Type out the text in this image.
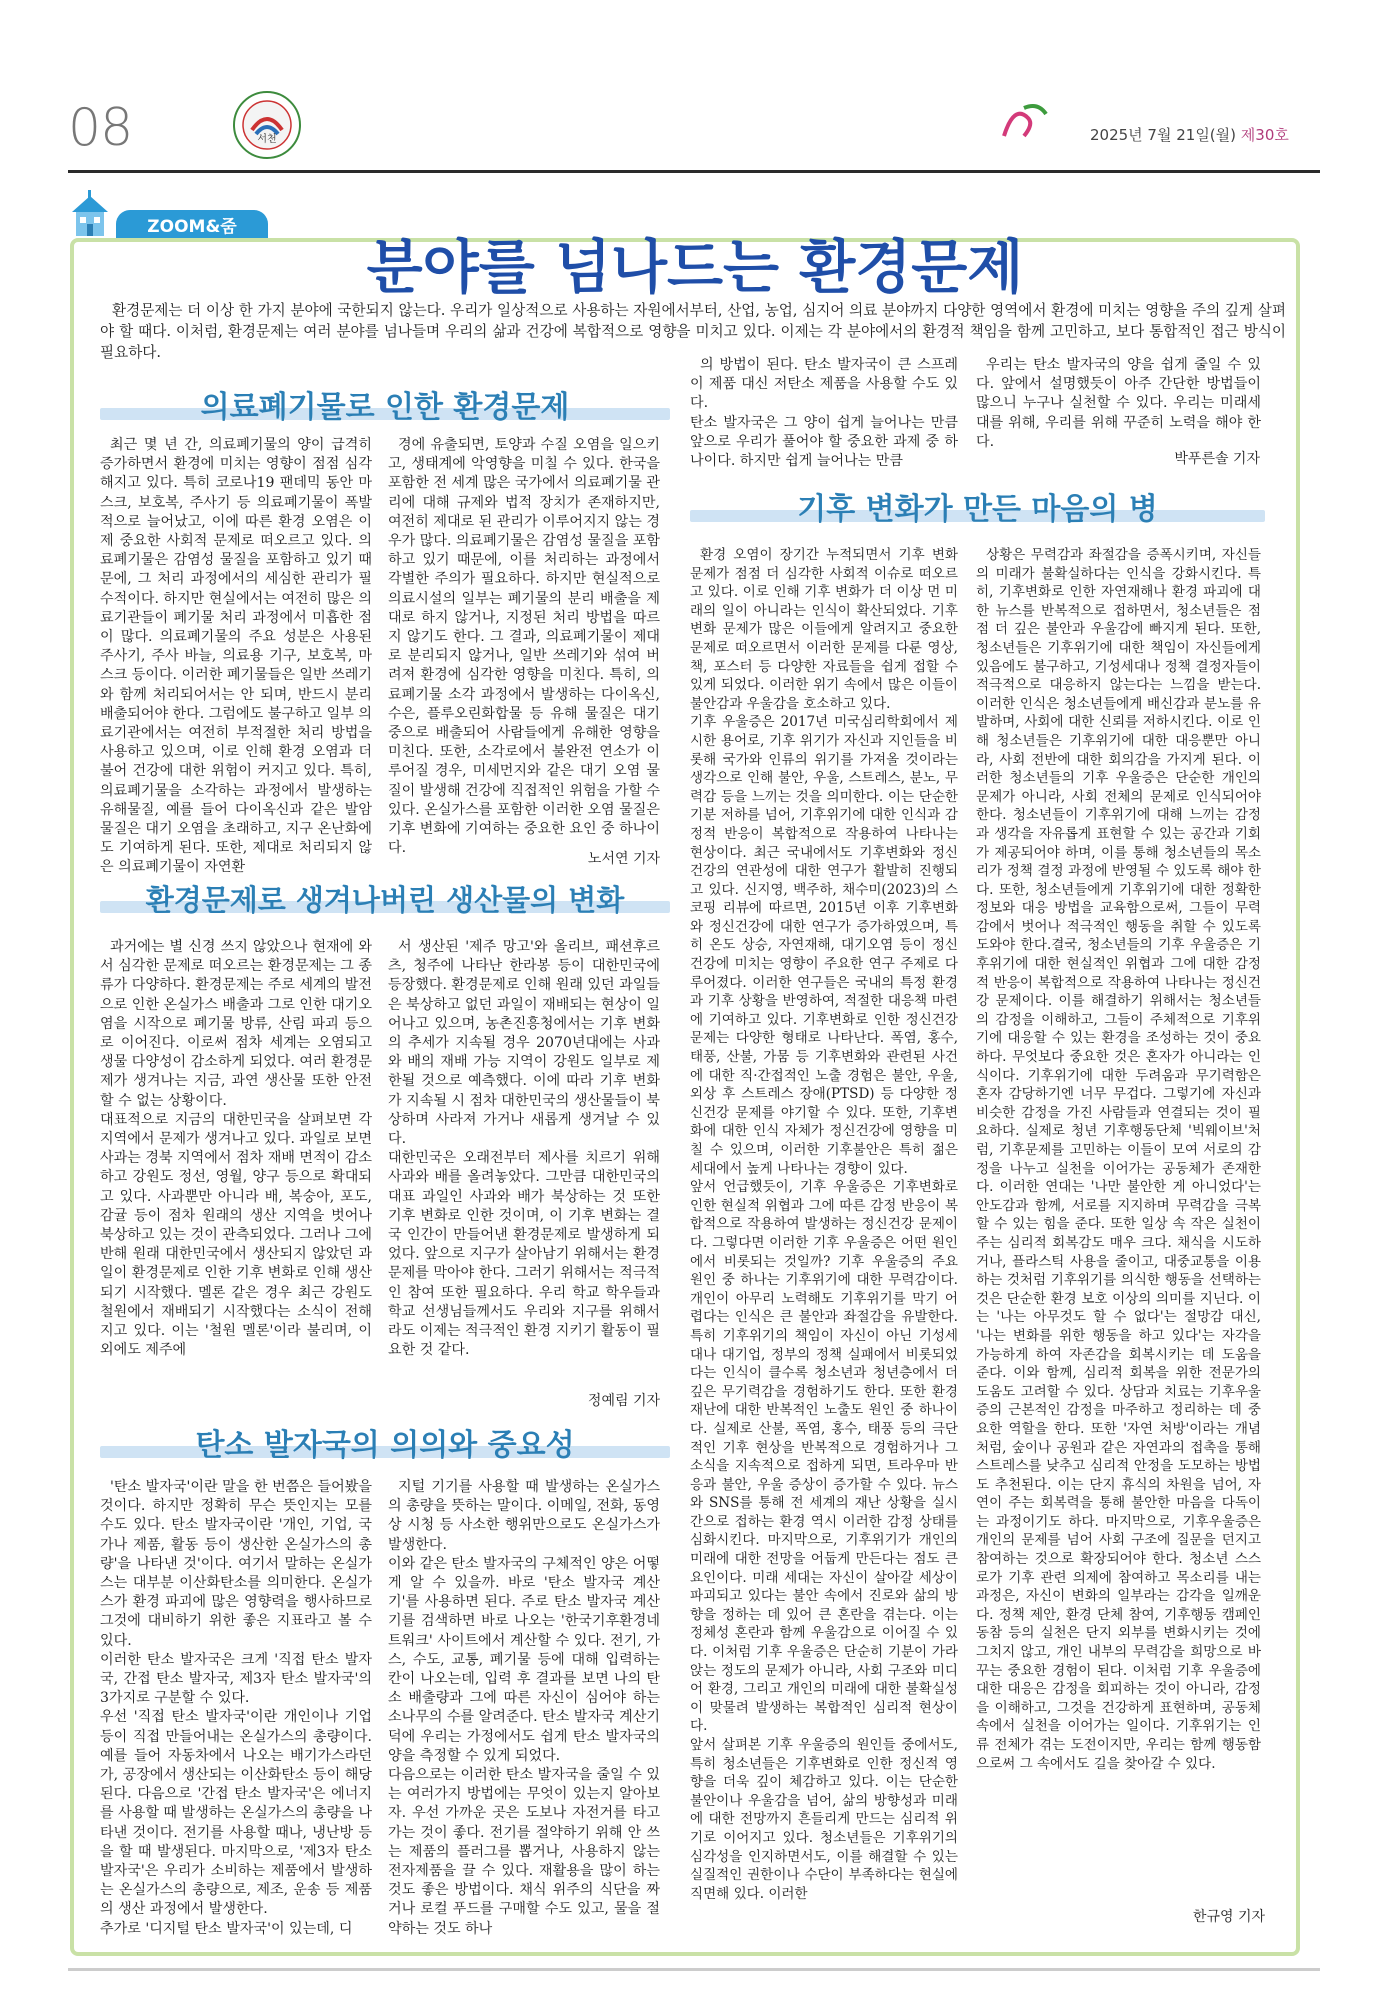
08	서천	2025년 7월 21일(월) 제30호
ZOOM&줌
분야를 넘나드는 환경문제
환경문제는 더 이상 한 가지 분야에 국한되지 않는다. 우리가 일상적으로 사용하는 자원에서부터, 산업, 농업, 심지어 의료 분야까지 다양한 영역에서 환경에 미치는 영향을 주의 깊게 살펴야 할 때다. 이처럼, 환경문제는 여러 분야를 넘나들며 우리의 삶과 건강에 복합적으로 영향을 미치고 있다. 이제는 각 분야에서의 환경적 책임을 함께 고민하고, 보다 통합적인 접근 방식이 필요하다.
의료폐기물로 인한 환경문제

최근 몇 년 간, 의료폐기물의 양이 급격히 증가하면서 환경에 미치는 영향이 점점 심각해지고 있다. 특히 코로나19 팬데믹 동안 마스크, 보호복, 주사기 등 의료폐기물이 폭발적으로 늘어났고, 이에 따른 환경 오염은 이제 중요한 사회적 문제로 떠오르고 있다. 의료폐기물은 감염성 물질을 포함하고 있기 때문에, 그 처리 과정에서의 세심한 관리가 필수적이다. 하지만 현실에서는 여전히 많은 의료기관들이 폐기물 처리 과정에서 미흡한 점이 많다. 의료폐기물의 주요 성분은 사용된 주사기, 주사 바늘, 의료용 기구, 보호복, 마스크 등이다. 이러한 폐기물들은 일반 쓰레기와 함께 처리되어서는 안 되며, 반드시 분리 배출되어야 한다. 그럼에도 불구하고 일부 의료기관에서는 여전히 부적절한 처리 방법을 사용하고 있으며, 이로 인해 환경 오염과 더불어 건강에 대한 위험이 커지고 있다. 특히, 의료폐기물을 소각하는 과정에서 발생하는 유해물질, 예를 들어 다이옥신과 같은 발암 물질은 대기 오염을 초래하고, 지구 온난화에도 기여하게 된다. 또한, 제대로 처리되지 않은 의료폐기물이 자연환

경에 유출되면, 토양과 수질 오염을 일으키고, 생태계에 악영향을 미칠 수 있다. 한국을 포함한 전 세계 많은 국가에서 의료폐기물 관리에 대해 규제와 법적 장치가 존재하지만, 여전히 제대로 된 관리가 이루어지지 않는 경우가 많다. 의료폐기물은 감염성 물질을 포함하고 있기 때문에, 이를 처리하는 과정에서 각별한 주의가 필요하다. 하지만 현실적으로 의료시설의 일부는 폐기물의 분리 배출을 제대로 하지 않거나, 지정된 처리 방법을 따르지 않기도 한다. 그 결과, 의료폐기물이 제대로 분리되지 않거나, 일반 쓰레기와 섞여 버려져 환경에 심각한 영향을 미친다. 특히, 의료폐기물 소각 과정에서 발생하는 다이옥신, 수은, 플루오린화합물 등 유해 물질은 대기 중으로 배출되어 사람들에게 유해한 영향을 미친다. 또한, 소각로에서 불완전 연소가 이루어질 경우, 미세먼지와 같은 대기 오염 물질이 발생해 건강에 직접적인 위험을 가할 수 있다. 온실가스를 포함한 이러한 오염 물질은 기후 변화에 기여하는 중요한 요인 중 하나이다.

노서연 기자
환경문제로 생겨나버린 생산물의 변화

과거에는 별 신경 쓰지 않았으나 현재에 와서 심각한 문제로 떠오르는 환경문제는 그 종류가 다양하다. 환경문제는 주로 세계의 발전으로 인한 온실가스 배출과 그로 인한 대기오염을 시작으로 폐기물 방류, 산림 파괴 등으로 이어진다. 이로써 점차 세계는 오염되고 생물 다양성이 감소하게 되었다. 여러 환경문제가 생겨나는 지금, 과연 생산물 또한 안전할 수 없는 상황이다.
대표적으로 지금의 대한민국을 살펴보면 각 지역에서 문제가 생겨나고 있다. 과일로 보면 사과는 경북 지역에서 점차 재배 면적이 감소하고 강원도 정선, 영월, 양구 등으로 확대되고 있다. 사과뿐만 아니라 배, 복숭아, 포도, 감귤 등이 점차 원래의 생산 지역을 벗어나 북상하고 있는 것이 관측되었다. 그러나 그에 반해 원래 대한민국에서 생산되지 않았던 과일이 환경문제로 인한 기후 변화로 인해 생산되기 시작했다. 멜론 같은 경우 최근 강원도 철원에서 재배되기 시작했다는 소식이 전해지고 있다. 이는 '철원 멜론'이라 불리며, 이 외에도 제주에

서 생산된 '제주 망고'와 올리브, 패션후르츠, 청주에 나타난 한라봉 등이 대한민국에 등장했다. 환경문제로 인해 원래 있던 과일들은 북상하고 없던 과일이 재배되는 현상이 일어나고 있으며, 농촌진흥청에서는 기후 변화의 추세가 지속될 경우 2070년대에는 사과와 배의 재배 가능 지역이 강원도 일부로 제한될 것으로 예측했다. 이에 따라 기후 변화가 지속될 시 점차 대한민국의 생산물들이 북상하며 사라져 가거나 새롭게 생겨날 수 있다.
대한민국은 오래전부터 제사를 치르기 위해 사과와 배를 올려놓았다. 그만큼 대한민국의 대표 과일인 사과와 배가 북상하는 것 또한 기후 변화로 인한 것이며, 이 기후 변화는 결국 인간이 만들어낸 환경문제로 발생하게 되었다. 앞으로 지구가 살아남기 위해서는 환경문제를 막아야 한다. 그러기 위해서는 적극적인 참여 또한 필요하다. 우리 학교 학우들과 학교 선생님들께서도 우리와 지구를 위해서라도 이제는 적극적인 환경 지키기 활동이 필요한 것 같다.

정예림 기자
탄소 발자국의 의의와 중요성

'탄소 발자국'이란 말을 한 번쯤은 들어봤을 것이다. 하지만 정확히 무슨 뜻인지는 모를 수도 있다. 탄소 발자국이란 '개인, 기업, 국가나 제품, 활동 등이 생산한 온실가스의 총량'을 나타낸 것'이다. 여기서 말하는 온실가스는 대부분 이산화탄소를 의미한다. 온실가스가 환경 파괴에 많은 영향력을 행사하므로 그것에 대비하기 위한 좋은 지표라고 볼 수 있다.
이러한 탄소 발자국은 크게 '직접 탄소 발자국, 간접 탄소 발자국, 제3자 탄소 발자국'의 3가지로 구분할 수 있다.
우선 '직접 탄소 발자국'이란 개인이나 기업 등이 직접 만들어내는 온실가스의 총량이다. 예를 들어 자동차에서 나오는 배기가스라던가, 공장에서 생산되는 이산화탄소 등이 해당된다. 다음으로 '간접 탄소 발자국'은 에너지를 사용할 때 발생하는 온실가스의 총량을 나타낸 것이다. 전기를 사용할 때나, 냉난방 등을 할 때 발생된다. 마지막으로, '제3자 탄소 발자국'은 우리가 소비하는 제품에서 발생하는 온실가스의 총량으로, 제조, 운송 등 제품의 생산 과정에서 발생한다.
추가로 '디지털 탄소 발자국'이 있는데, 디

지털 기기를 사용할 때 발생하는 온실가스의 총량을 뜻하는 말이다. 이메일, 전화, 동영상 시청 등 사소한 행위만으로도 온실가스가 발생한다.
이와 같은 탄소 발자국의 구체적인 양은 어떻게 알 수 있을까. 바로 '탄소 발자국 계산기'를 사용하면 된다. 주로 탄소 발자국 계산기를 검색하면 바로 나오는 '한국기후환경네트워크' 사이트에서 계산할 수 있다. 전기, 가스, 수도, 교통, 폐기물 등에 대해 입력하는 칸이 나오는데, 입력 후 결과를 보면 나의 탄소 배출량과 그에 따른 자신이 심어야 하는 소나무의 수를 알려준다. 탄소 발자국 계산기 덕에 우리는 가정에서도 쉽게 탄소 발자국의 양을 측정할 수 있게 되었다.
다음으로는 이러한 탄소 발자국을 줄일 수 있는 여러가지 방법에는 무엇이 있는지 알아보자. 우선 가까운 곳은 도보나 자전거를 타고 가는 것이 좋다. 전기를 절약하기 위해 안 쓰는 제품의 플러그를 뽑거나, 사용하지 않는 전자제품을 끌 수 있다. 재활용을 많이 하는 것도 좋은 방법이다. 채식 위주의 식단을 짜거나 로컬 푸드를 구매할 수도 있고, 물을 절약하는 것도 하나

의 방법이 된다. 탄소 발자국이 큰 스프레이 제품 대신 저탄소 제품을 사용할 수도 있다.
탄소 발자국은 그 양이 쉽게 늘어나는 만큼 앞으로 우리가 풀어야 할 중요한 과제 중 하나이다. 하지만 쉽게 늘어나는 만큼

우리는 탄소 발자국의 양을 쉽게 줄일 수 있다. 앞에서 설명했듯이 아주 간단한 방법들이 많으니 누구나 실천할 수 있다. 우리는 미래세대를 위해, 우리를 위해 꾸준히 노력을 해야 한다.

박푸른솔 기자
기후 변화가 만든 마음의 병

환경 오염이 장기간 누적되면서 기후 변화 문제가 점점 더 심각한 사회적 이슈로 떠오르고 있다. 이로 인해 기후 변화가 더 이상 먼 미래의 일이 아니라는 인식이 확산되었다. 기후 변화 문제가 많은 이들에게 알려지고 중요한 문제로 떠오르면서 이러한 문제를 다룬 영상, 책, 포스터 등 다양한 자료들을 쉽게 접할 수 있게 되었다. 이러한 위기 속에서 많은 이들이 불안감과 우울감을 호소하고 있다.
기후 우울증은 2017년 미국심리학회에서 제시한 용어로, 기후 위기가 자신과 지인들을 비롯해 국가와 인류의 위기를 가져올 것이라는 생각으로 인해 불안, 우울, 스트레스, 분노, 무력감 등을 느끼는 것을 의미한다. 이는 단순한 기분 저하를 넘어, 기후위기에 대한 인식과 감정적 반응이 복합적으로 작용하여 나타나는 현상이다. 최근 국내에서도 기후변화와 정신건강의 연관성에 대한 연구가 활발히 진행되고 있다. 신지영, 백주하, 채수미(2023)의 스코핑 리뷰에 따르면, 2015년 이후 기후변화와 정신건강에 대한 연구가 증가하였으며, 특히 온도 상승, 자연재해, 대기오염 등이 정신건강에 미치는 영향이 주요한 연구 주제로 다루어졌다. 이러한 연구들은 국내의 특정 환경과 기후 상황을 반영하여, 적절한 대응책 마련에 기여하고 있다. 기후변화로 인한 정신건강 문제는 다양한 형태로 나타난다. 폭염, 홍수, 태풍, 산불, 가뭄 등 기후변화와 관련된 사건에 대한 직·간접적인 노출 경험은 불안, 우울, 외상 후 스트레스 장애(PTSD) 등 다양한 정신건강 문제를 야기할 수 있다. 또한, 기후변화에 대한 인식 자체가 정신건강에 영향을 미칠 수 있으며, 이러한 기후불안은 특히 젊은 세대에서 높게 나타나는 경향이 있다.
앞서 언급했듯이, 기후 우울증은 기후변화로 인한 현실적 위협과 그에 따른 감정 반응이 복합적으로 작용하여 발생하는 정신건강 문제이다. 그렇다면 이러한 기후 우울증은 어떤 원인에서 비롯되는 것일까? 기후 우울증의 주요 원인 중 하나는 기후위기에 대한 무력감이다. 개인이 아무리 노력해도 기후위기를 막기 어렵다는 인식은 큰 불안과 좌절감을 유발한다. 특히 기후위기의 책임이 자신이 아닌 기성세대나 대기업, 정부의 정책 실패에서 비롯되었다는 인식이 클수록 청소년과 청년층에서 더 깊은 무기력감을 경험하기도 한다. 또한 환경 재난에 대한 반복적인 노출도 원인 중 하나이다. 실제로 산불, 폭염, 홍수, 태풍 등의 극단적인 기후 현상을 반복적으로 경험하거나 그 소식을 지속적으로 접하게 되면, 트라우마 반응과 불안, 우울 증상이 증가할 수 있다. 뉴스와 SNS를 통해 전 세계의 재난 상황을 실시간으로 접하는 환경 역시 이러한 감정 상태를 심화시킨다. 마지막으로, 기후위기가 개인의 미래에 대한 전망을 어둡게 만든다는 점도 큰 요인이다. 미래 세대는 자신이 살아갈 세상이 파괴되고 있다는 불안 속에서 진로와 삶의 방향을 정하는 데 있어 큰 혼란을 겪는다. 이는 정체성 혼란과 함께 우울감으로 이어질 수 있다. 이처럼 기후 우울증은 단순히 기분이 가라앉는 정도의 문제가 아니라, 사회 구조와 미디어 환경, 그리고 개인의 미래에 대한 불확실성이 맞물려 발생하는 복합적인 심리적 현상이다.
앞서 살펴본 기후 우울증의 원인들 중에서도, 특히 청소년들은 기후변화로 인한 정신적 영향을 더욱 깊이 체감하고 있다. 이는 단순한 불안이나 우울감을 넘어, 삶의 방향성과 미래에 대한 전망까지 흔들리게 만드는 심리적 위기로 이어지고 있다. 청소년들은 기후위기의 심각성을 인지하면서도, 이를 해결할 수 있는 실질적인 권한이나 수단이 부족하다는 현실에 직면해 있다. 이러한

상황은 무력감과 좌절감을 증폭시키며, 자신들의 미래가 불확실하다는 인식을 강화시킨다. 특히, 기후변화로 인한 자연재해나 환경 파괴에 대한 뉴스를 반복적으로 접하면서, 청소년들은 점점 더 깊은 불안과 우울감에 빠지게 된다. 또한, 청소년들은 기후위기에 대한 책임이 자신들에게 있음에도 불구하고, 기성세대나 정책 결정자들이 적극적으로 대응하지 않는다는 느낌을 받는다. 이러한 인식은 청소년들에게 배신감과 분노를 유발하며, 사회에 대한 신뢰를 저하시킨다. 이로 인해 청소년들은 기후위기에 대한 대응뿐만 아니라, 사회 전반에 대한 회의감을 가지게 된다. 이러한 청소년들의 기후 우울증은 단순한 개인의 문제가 아니라, 사회 전체의 문제로 인식되어야 한다. 청소년들이 기후위기에 대해 느끼는 감정과 생각을 자유롭게 표현할 수 있는 공간과 기회가 제공되어야 하며, 이를 통해 청소년들의 목소리가 정책 결정 과정에 반영될 수 있도록 해야 한다. 또한, 청소년들에게 기후위기에 대한 정확한 정보와 대응 방법을 교육함으로써, 그들이 무력감에서 벗어나 적극적인 행동을 취할 수 있도록 도와야 한다.결국, 청소년들의 기후 우울증은 기후위기에 대한 현실적인 위협과 그에 대한 감정적 반응이 복합적으로 작용하여 나타나는 정신건강 문제이다. 이를 해결하기 위해서는 청소년들의 감정을 이해하고, 그들이 주체적으로 기후위기에 대응할 수 있는 환경을 조성하는 것이 중요하다. 무엇보다 중요한 것은 혼자가 아니라는 인식이다. 기후위기에 대한 두려움과 무기력함은 혼자 감당하기엔 너무 무겁다. 그렇기에 자신과 비슷한 감정을 가진 사람들과 연결되는 것이 필요하다. 실제로 청년 기후행동단체 '빅웨이브'처럼, 기후문제를 고민하는 이들이 모여 서로의 감정을 나누고 실천을 이어가는 공동체가 존재한다. 이러한 연대는 '나만 불안한 게 아니었다'는 안도감과 함께, 서로를 지지하며 무력감을 극복할 수 있는 힘을 준다. 또한 일상 속 작은 실천이 주는 심리적 회복감도 매우 크다. 채식을 시도하거나, 플라스틱 사용을 줄이고, 대중교통을 이용하는 것처럼 기후위기를 의식한 행동을 선택하는 것은 단순한 환경 보호 이상의 의미를 지닌다. 이는 '나는 아무것도 할 수 없다'는 절망감 대신, '나는 변화를 위한 행동을 하고 있다'는 자각을 가능하게 하여 자존감을 회복시키는 데 도움을 준다. 이와 함께, 심리적 회복을 위한 전문가의 도움도 고려할 수 있다. 상담과 치료는 기후우울증의 근본적인 감정을 마주하고 정리하는 데 중요한 역할을 한다. 또한 '자연 처방'이라는 개념처럼, 숲이나 공원과 같은 자연과의 접촉을 통해 스트레스를 낮추고 심리적 안정을 도모하는 방법도 추천된다. 이는 단지 휴식의 차원을 넘어, 자연이 주는 회복력을 통해 불안한 마음을 다독이는 과정이기도 하다. 마지막으로, 기후우울증은 개인의 문제를 넘어 사회 구조에 질문을 던지고 참여하는 것으로 확장되어야 한다. 청소년 스스로가 기후 관련 의제에 참여하고 목소리를 내는 과정은, 자신이 변화의 일부라는 감각을 일깨운다. 정책 제안, 환경 단체 참여, 기후행동 캠페인 동참 등의 실천은 단지 외부를 변화시키는 것에 그치지 않고, 개인 내부의 무력감을 희망으로 바꾸는 중요한 경험이 된다. 이처럼 기후 우울증에 대한 대응은 감정을 회피하는 것이 아니라, 감정을 이해하고, 그것을 건강하게 표현하며, 공동체 속에서 실천을 이어가는 일이다. 기후위기는 인류 전체가 겪는 도전이지만, 우리는 함께 행동함으로써 그 속에서도 길을 찾아갈 수 있다.

한규영 기자
